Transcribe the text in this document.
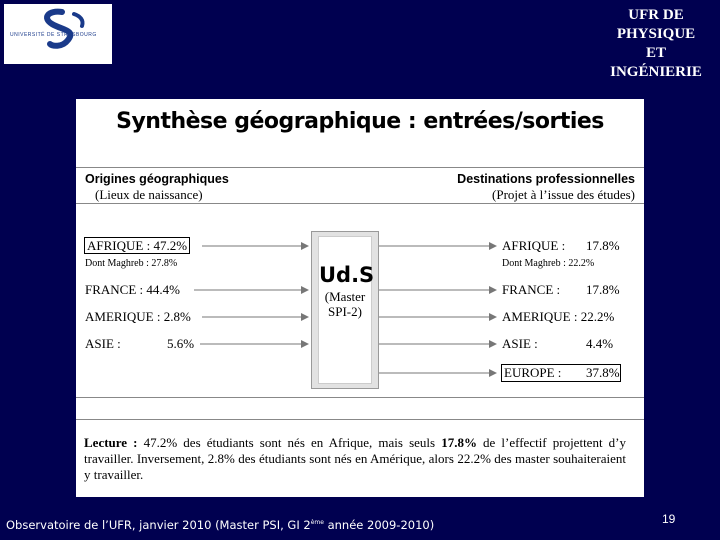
UNIVERSITÉ DE STRASBOURG
UFR DE
PHYSIQUE
ET
INGÉNIERIE
Synthèse géographique : entrées/sorties
Origines géographiques
(Lieux de naissance)
Destinations professionnelles
(Projet à l’issue des études)
AFRIQUE : 47.2%
Dont Maghreb : 27.8%
FRANCE : 44.4%
AMERIQUE : 2.8%
ASIE :	5.6%
Ud.S
(Master
SPI-2)
AFRIQUE : 17.8%
Dont Maghreb : 22.2%
FRANCE : 17.8%
AMERIQUE : 22.2%
ASIE :	4.4%
EUROPE : 37.8%
Lecture : 47.2% des étudiants sont nés en Afrique, mais seuls 17.8% de l’effectif projettent d’y travailler. Inversement, 2.8% des étudiants sont nés en Amérique, alors 22.2% des master souhaiteraient y travailler.
Observatoire de l’UFR, janvier 2010 (Master PSI, GI 2ème année 2009-2010)	19
